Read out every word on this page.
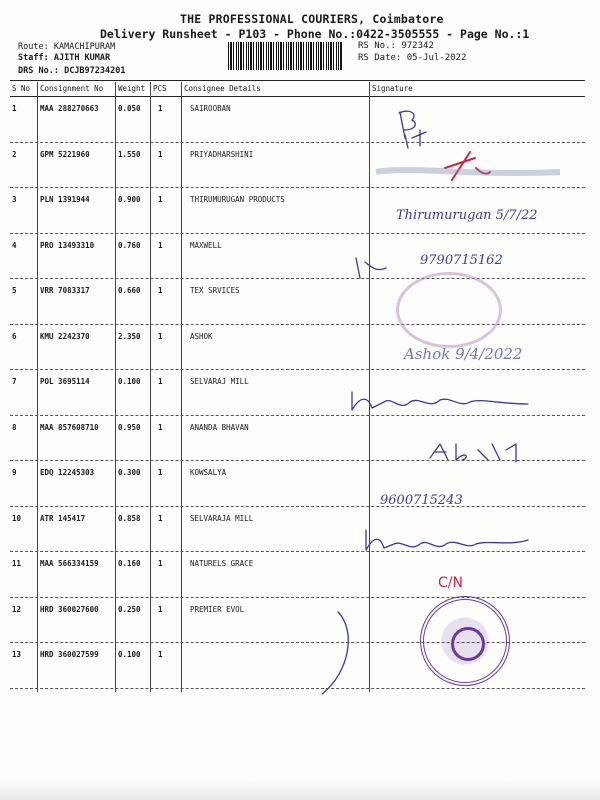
THE PROFESSIONAL COURIERS, Coimbatore
Delivery Runsheet - P103 - Phone No.:0422-3505555 - Page No.:1
Route: KAMACHIPURAM
Staff: AJITH KUMAR
DRS No.: DCJB97234201
RS No.: 972342
RS Date: 05-Jul-2022
S No Consignment No Weight PCS Consignee Details	Signature
1	MAA 288270663	0.050 1	SAIROOBAN
2	GPM 5221960	1.550 1	PRIYADHARSHINI
3	PLN 1391944	0.900 1	THIRUMURUGAN PRODUCTS
4	PRO 13493310	0.760 1	MAXWELL
5	VRR 7083317	0.660 1	TEX SRVICES
6	KMU 2242370	2.350 1	ASHOK
7	POL 3695114	0.100 1	SELVARAJ MILL
8	MAA 857608710	0.950 1	ANANDA BHAVAN
9	EDQ 12245303	0.300 1	KOWSALYA
10	ATR 145417	0.858 1	SELVARAJA MILL
11	MAA 566334159	0.160 1	NATURELS GRACE
12	HRD 360027600	0.250 1	PREMIER EVOL
13	HRD 360027599	0.100 1
Thirumurugan 5/7/22
9790715162
Ashok 9/4/2022
9600715243
C/N
